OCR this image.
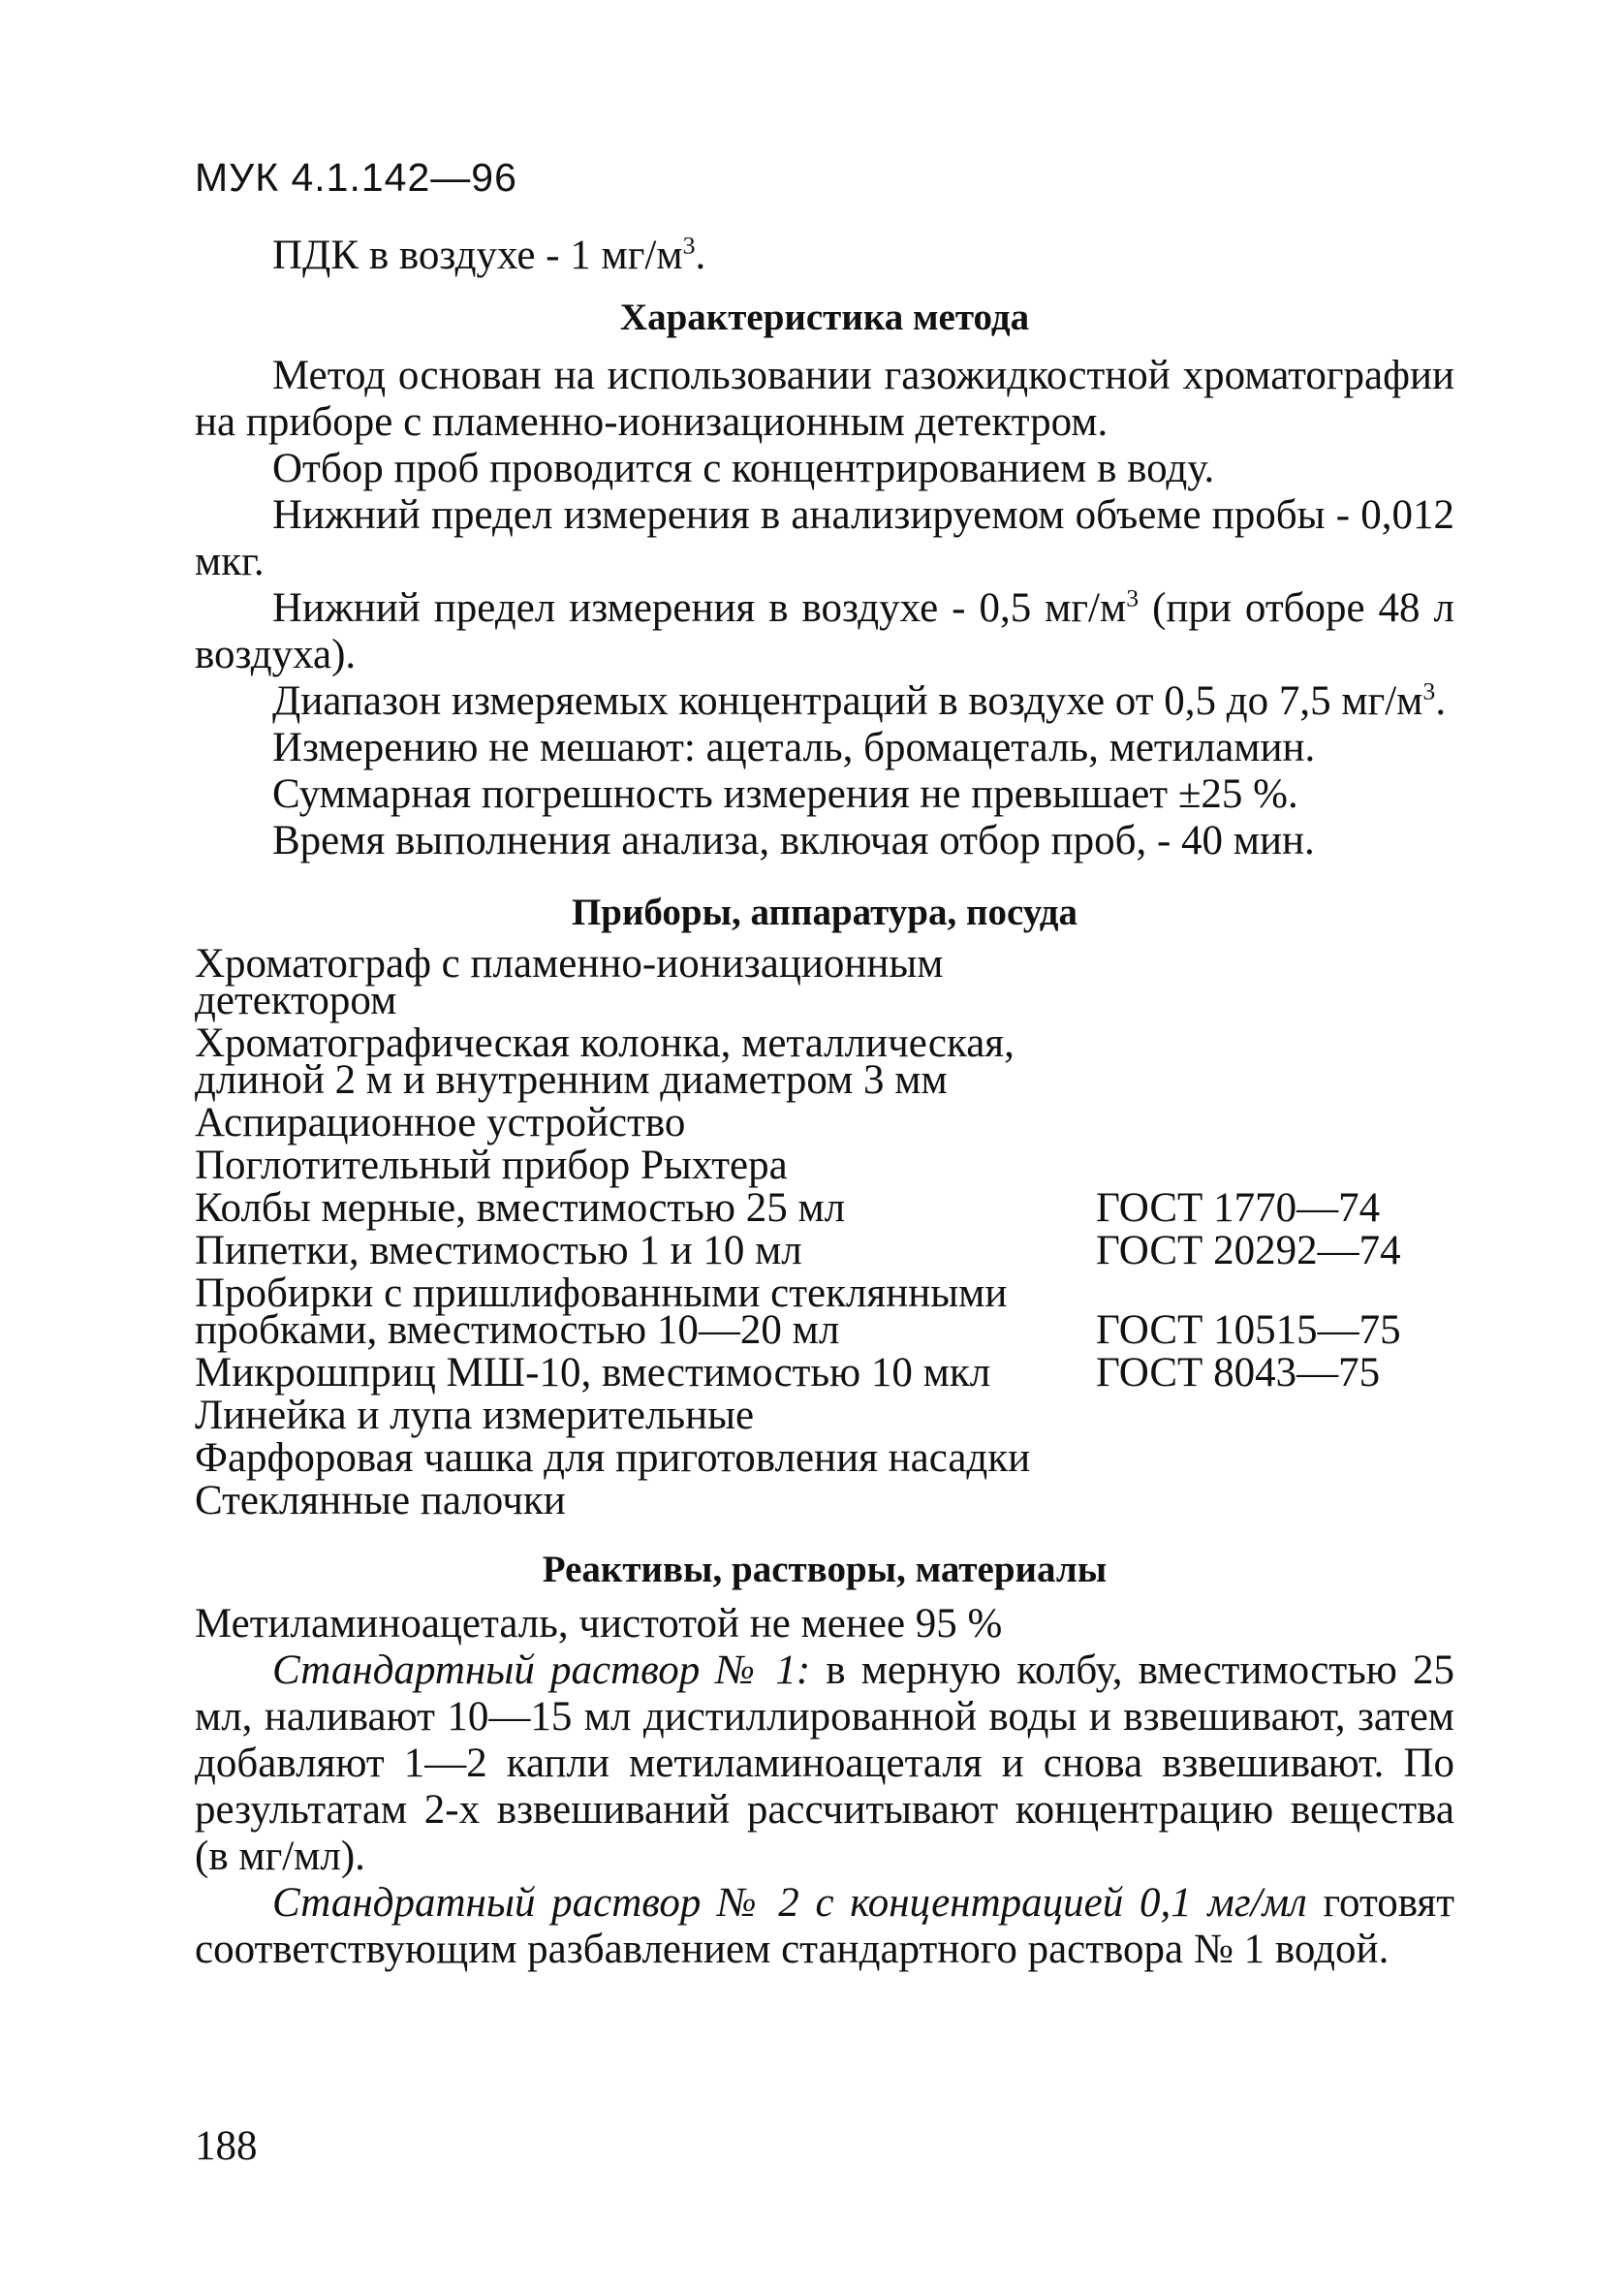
МУК 4.1.142—96

ПДК в воздухе - 1 $мг/м^3$.

Характеристика метода

Метод основан на использовании газожидкостной хроматографии на приборе с пламенно-ионизационным детектром.

Отбор проб проводится с концентрированием в воду.

Нижний предел измерения в анализируемом объеме пробы - 0,012 мкг.

Нижний предел измерения в воздухе - 0,5 $мг/м^3$ (при отборе 48 л воздуха).

Диапазон измеряемых концентраций в воздухе от 0,5 до 7,5 $мг/м^3$.

Измерению не мешают: ацеталь, бромацеталь, метиламин.

Суммарная погрешность измерения не превышает ±25 %.

Время выполнения анализа, включая отбор проб, - 40 мин.

Приборы, аппаратура, посуда
Хроматограф с пламенно-ионизационным детектором
Хроматографическая колонка, металлическая, длиной 2 м и внутренним диаметром 3 мм
Аспирационное устройство
Поглотительный прибор Рыхтера
Колбы мерные, вместимостью 25 мл	ГОСТ 1770—74
Пипетки, вместимостью 1 и 10 мл	ГОСТ 20292—74
Пробирки с пришлифованными стеклянными пробками, вместимостью 10—20 мл	ГОСТ 10515—75
Микрошприц МШ-10, вместимостью 10 мкл	ГОСТ 8043—75
Линейка и лупа измерительные
Фарфоровая чашка для приготовления насадки
Стеклянные палочки
Реактивы, растворы, материалы

Метиламиноацеталь, чистотой не менее 95 %

Стандартный раствор № 1: в мерную колбу, вместимостью 25 мл, наливают 10—15 мл дистиллированной воды и взвешивают, затем добавляют 1—2 капли метиламиноацеталя и снова взвешивают. По результатам 2-х взвешиваний рассчитывают концентрацию вещества (в мг/мл).

Стандратный раствор № 2 с концентрацией 0,1 мг/мл готовят соответствующим разбавлением стандартного раствора № 1 водой.

188
